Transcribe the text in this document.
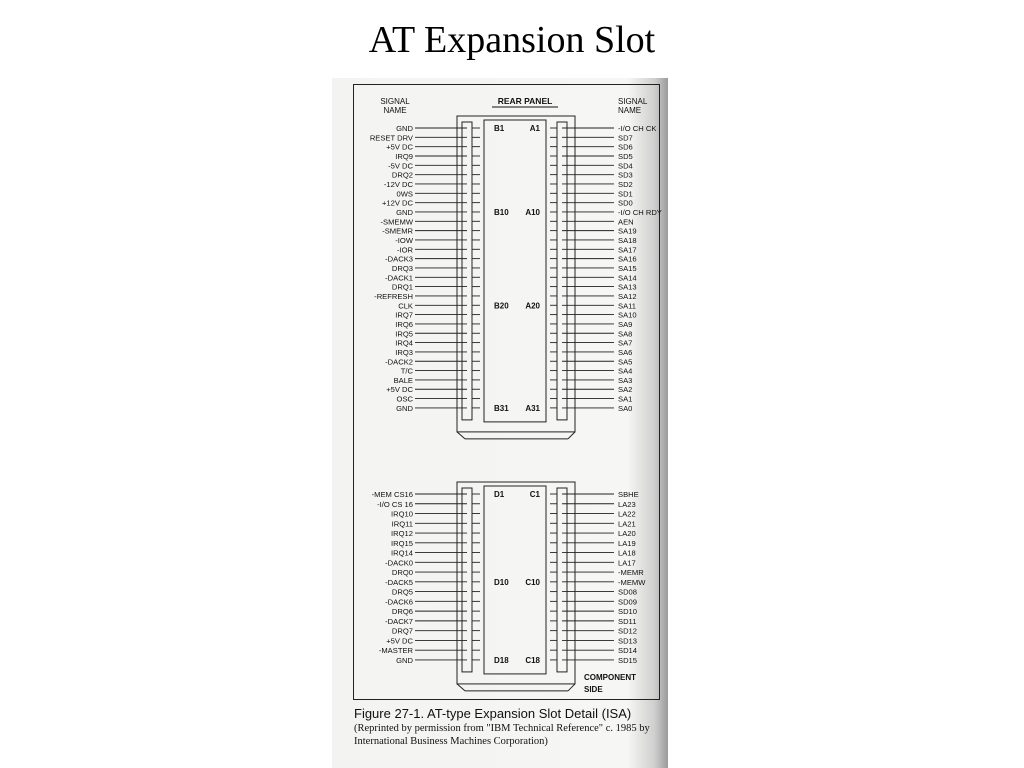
AT Expansion Slot
SIGNAL
NAME
REAR PANEL	SIGNAL
NAME
GND	-I/O CH CK
RESET DRV	SD7
+5V DC	SD6
IRQ9	SD5
-5V DC	SD4
DRQ2	SD3
-12V DC	SD2
0WS	SD1
+12V DC	SD0
GND	-I/O CH RDY
-SMEMW	AEN
-SMEMR	SA19
-IOW	SA18
-IOR	SA17
-DACK3	SA16
DRQ3	SA15
-DACK1	SA14
DRQ1	SA13
-REFRESH	SA12
CLK	SA11
IRQ7	SA10
IRQ6	SA9
IRQ5	SA8
IRQ4	SA7
IRQ3	SA6
-DACK2	SA5
T/C	SA4
BALE	SA3
+5V DC	SA2
OSC	SA1
GND	SA0
B1	A1
B10 A10
B20 A20
B31 A31
-MEM CS16	SBHE
-I/O CS 16	LA23
IRQ10	LA22
IRQ11	LA21
IRQ12	LA20
IRQ15	LA19
IRQ14	LA18
-DACK0	LA17
DRQ0	-MEMR
-DACK5	-MEMW
DRQ5	SD08
-DACK6	SD09
DRQ6	SD10
-DACK7	SD11
DRQ7	SD12
+5V DC	SD13
-MASTER	SD14
GND	SD15
D1	C1
D10 C10
D18 C18
COMPONENT
SIDE
Figure 27-1. AT-type Expansion Slot Detail (ISA)
(Reprinted by permission from "IBM Technical Reference" c. 1985 by
International Business Machines Corporation)
